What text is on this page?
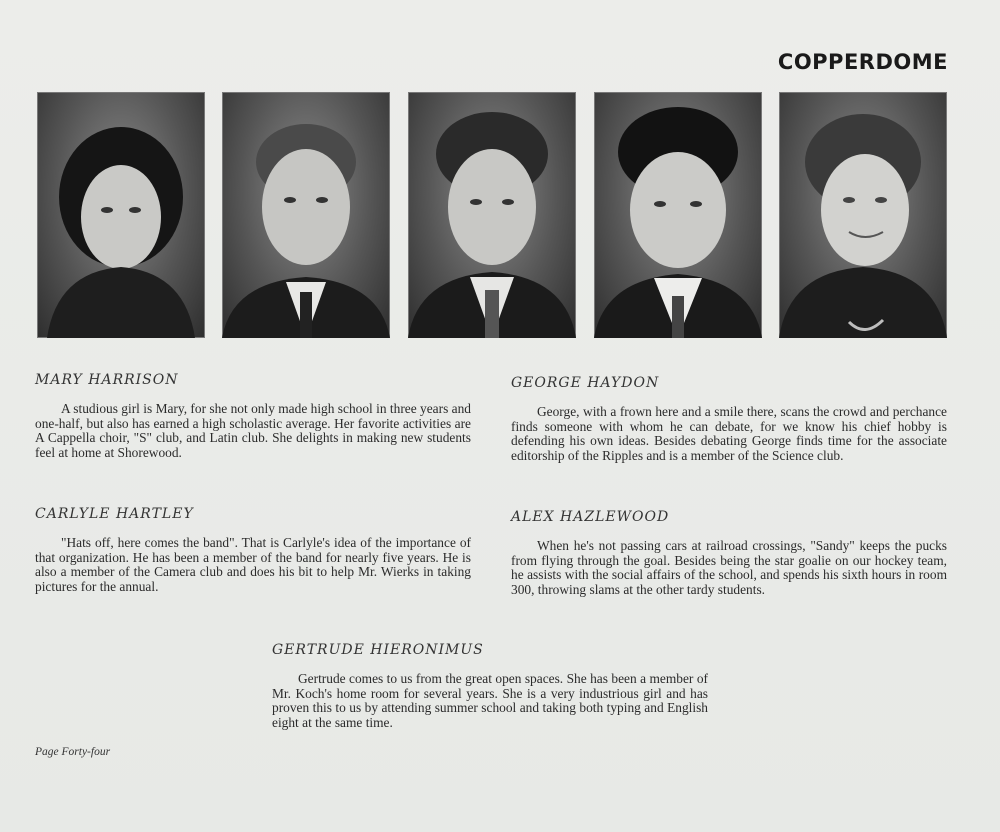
COPPERDOME

MARY HARRISON

A studious girl is Mary, for she not only made high school in three years and one-half, but also has earned a high scholastic average. Her favorite activities are A Cappella choir, "S" club, and Latin club. She delights in making new students feel at home at Shorewood.

GEORGE HAYDON

George, with a frown here and a smile there, scans the crowd and perchance finds someone with whom he can debate, for we know his chief hobby is defending his own ideas. Besides debating George finds time for the associate editorship of the Ripples and is a member of the Science club.

CARLYLE HARTLEY

"Hats off, here comes the band". That is Carlyle's idea of the importance of that organization. He has been a member of the band for nearly five years. He is also a member of the Camera club and does his bit to help Mr. Wierks in taking pictures for the annual.

ALEX HAZLEWOOD

When he's not passing cars at railroad crossings, "Sandy" keeps the pucks from flying through the goal. Besides being the star goalie on our hockey team, he assists with the social affairs of the school, and spends his sixth hours in room 300, throwing slams at the other tardy students.

GERTRUDE HIERONIMUS

Gertrude comes to us from the great open spaces. She has been a member of Mr. Koch's home room for several years. She is a very industrious girl and has proven this to us by attending summer school and taking both typing and English eight at the same time.

Page Forty-four
